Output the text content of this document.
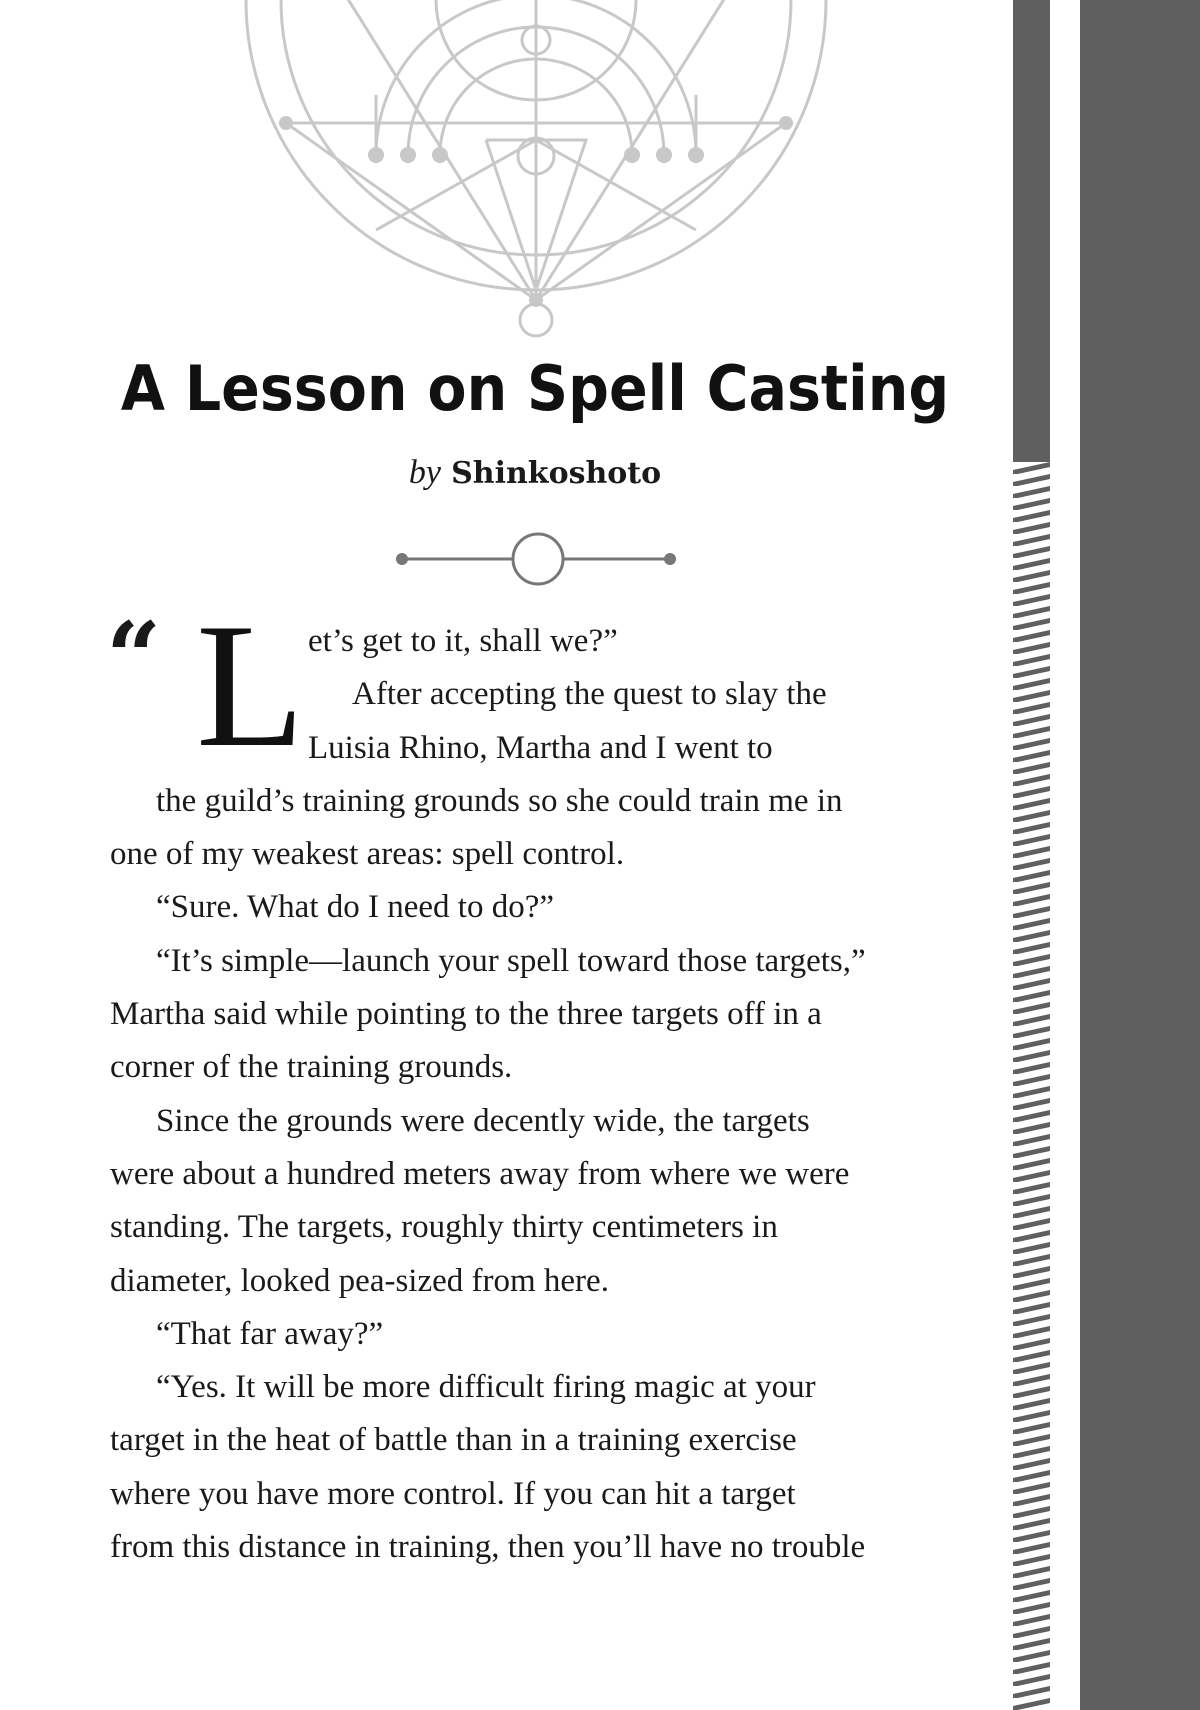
A Lesson on Spell Casting
by Shinkoshoto
“ L et’s get to it, shall we?”
After accepting the quest to slay the
Luisia Rhino, Martha and I went to
the guild’s training grounds so she could train me in
one of my weakest areas: spell control.
“Sure. What do I need to do?”
“It’s simple—launch your spell toward those targets,”
Martha said while pointing to the three targets off in a
corner of the training grounds.
Since the grounds were decently wide, the targets
were about a hundred meters away from where we were
standing. The targets, roughly thirty centimeters in
diameter, looked pea-sized from here.
“That far away?”
“Yes. It will be more difficult firing magic at your
target in the heat of battle than in a training exercise
where you have more control. If you can hit a target
from this distance in training, then you’ll have no trouble
